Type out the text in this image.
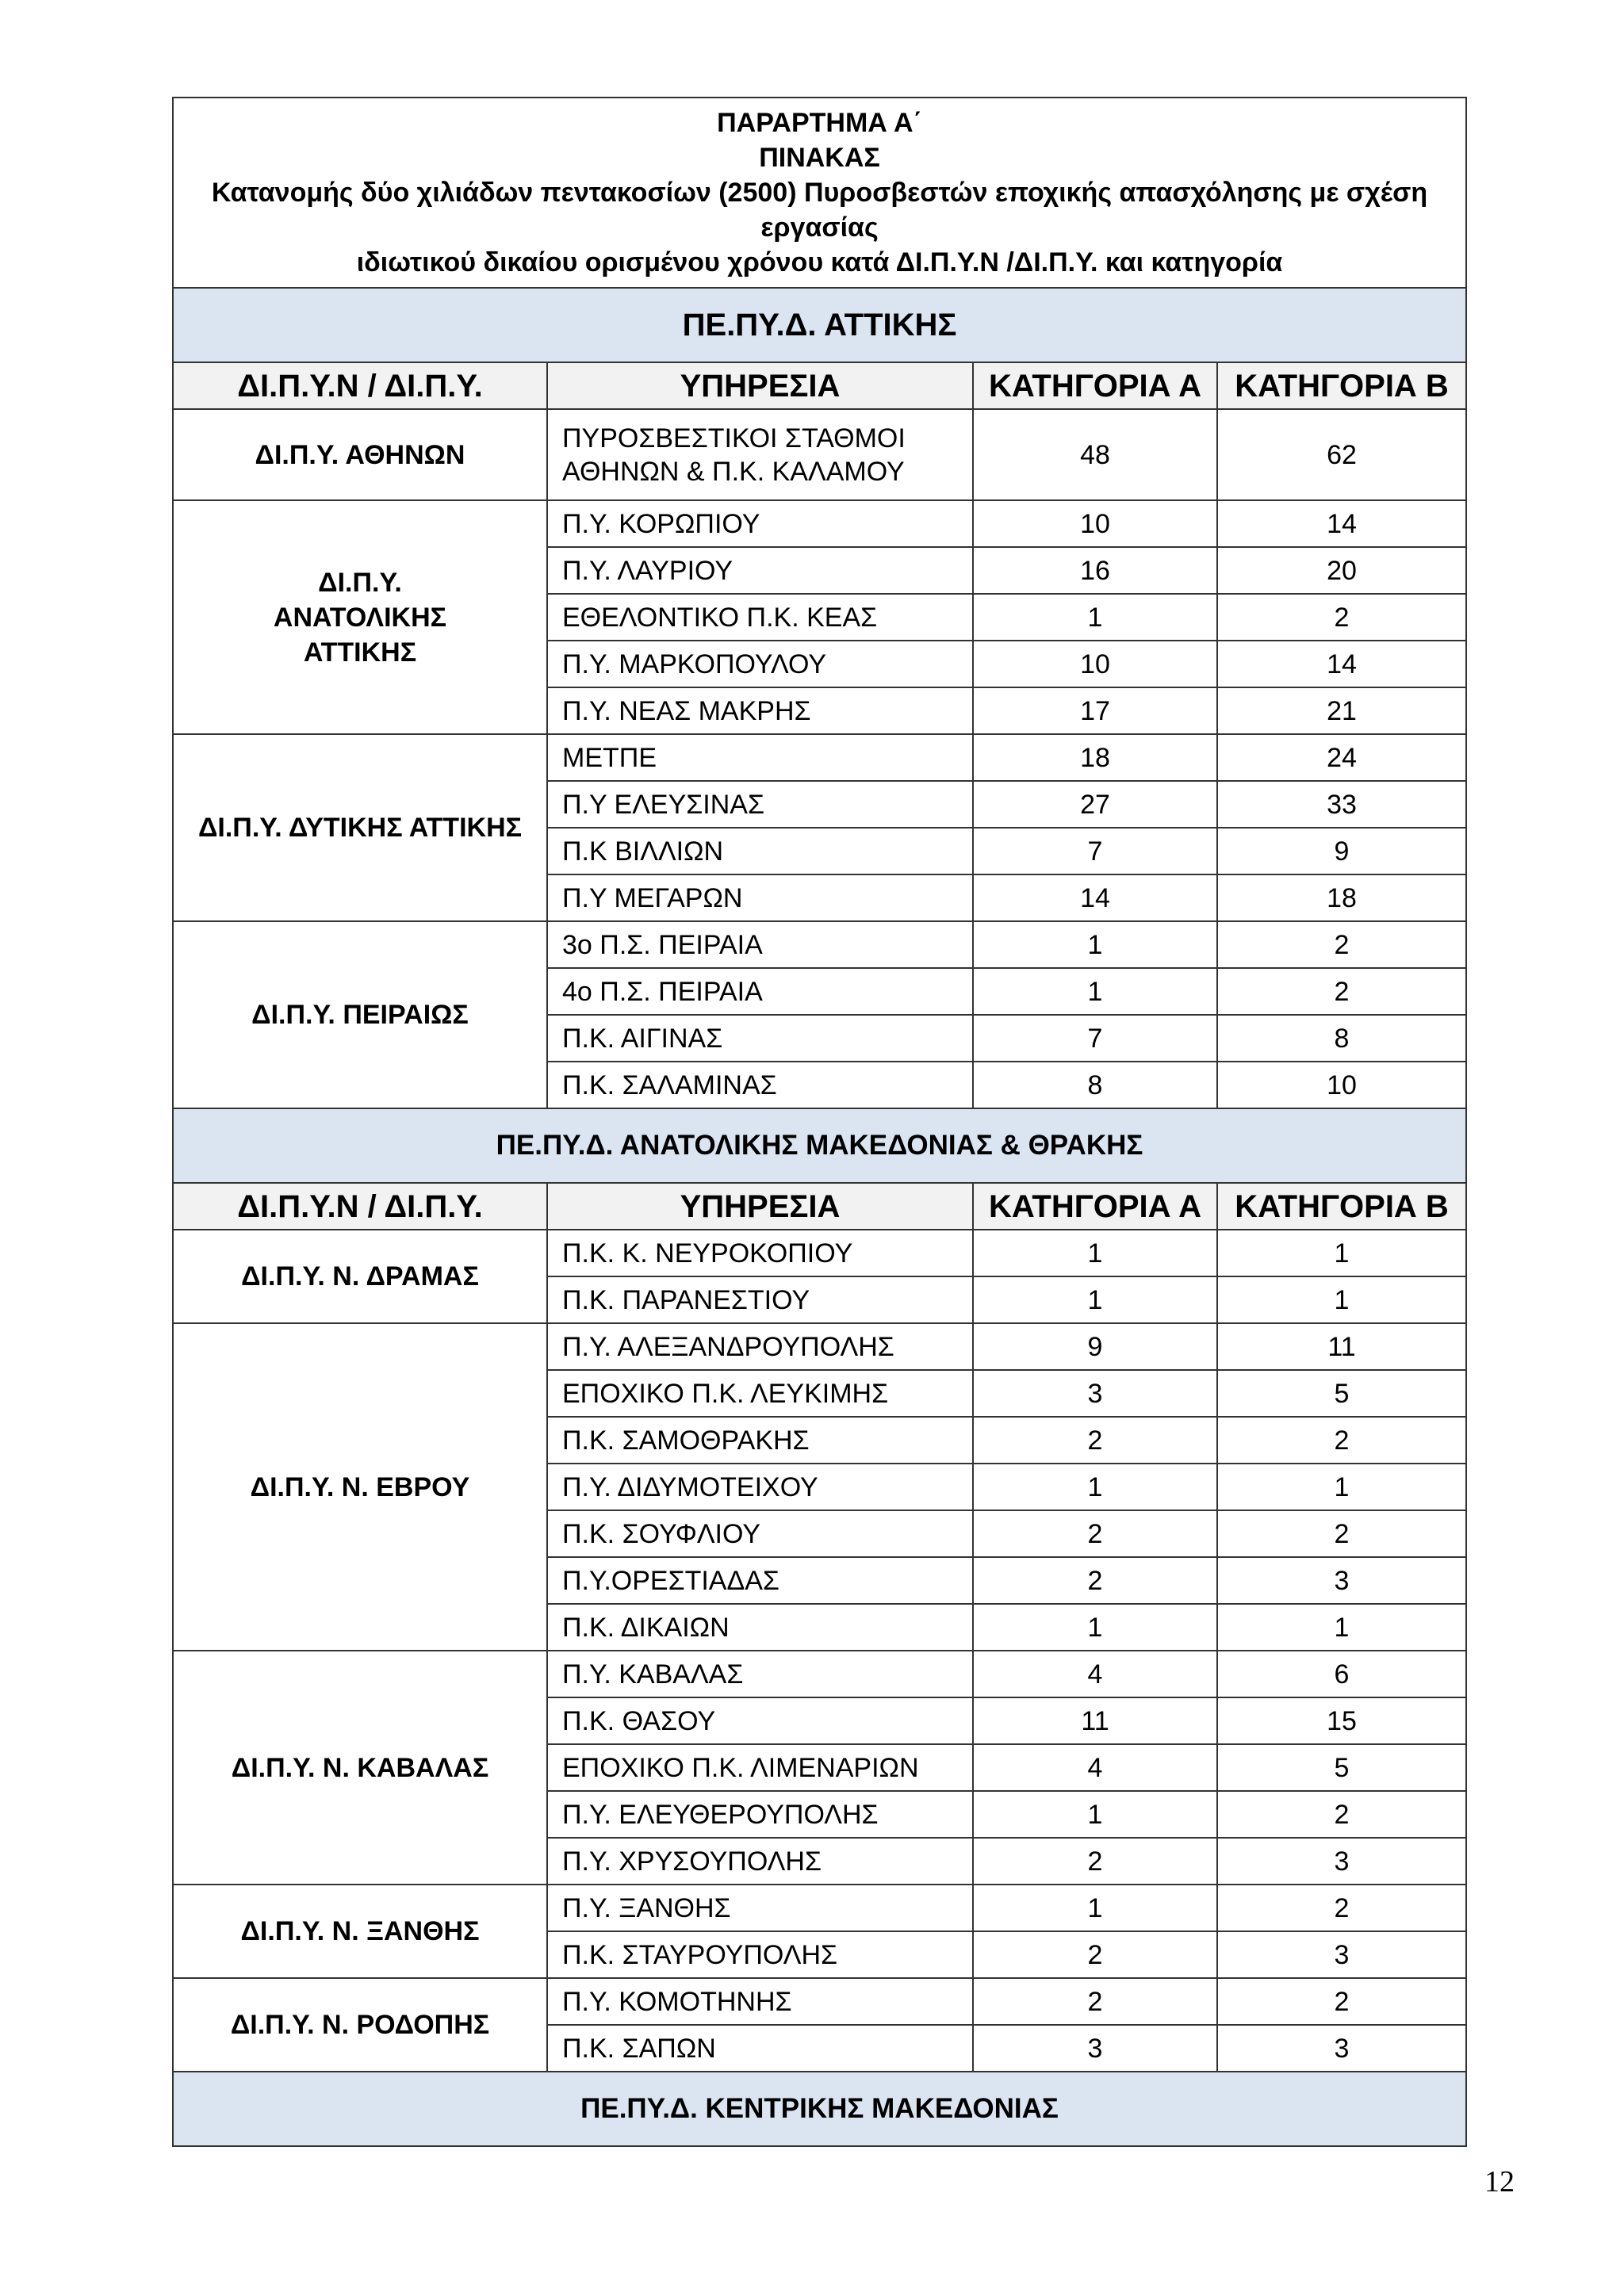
ΠΑΡΑΡΤΗΜΑ Α΄
ΠΙΝΑΚΑΣ
Κατανομής δύο χιλιάδων πεντακοσίων (2500) Πυροσβεστών εποχικής απασχόλησης με σχέση εργασίας
ιδιωτικού δικαίου ορισμένου χρόνου κατά ΔΙ.Π.Υ.Ν /ΔΙ.Π.Υ. και κατηγορία			

ΠΕ.ΠΥ.Δ. ΑΤΤΙΚΗΣ			
ΔΙ.Π.Υ.Ν / ΔΙ.Π.Υ.	ΥΠΗΡΕΣΙΑ	ΚΑΤΗΓΟΡΙΑ Α	ΚΑΤΗΓΟΡΙΑ Β
ΔΙ.Π.Υ. ΑΘΗΝΩΝ	ΠΥΡΟΣΒΕΣΤΙΚΟΙ ΣΤΑΘΜΟΙ ΑΘΗΝΩΝ & Π.Κ. ΚΑΛΑΜΟΥ	48	62
ΔΙ.Π.Υ. ΑΝΑΤΟΛΙΚΗΣ ΑΤΤΙΚΗΣ	Π.Υ. ΚΟΡΩΠΙΟΥ	10	14
	Π.Υ. ΛΑΥΡΙΟΥ	16	20
	ΕΘΕΛΟΝΤΙΚΟ Π.Κ. ΚΕΑΣ	1	2
	Π.Υ. ΜΑΡΚΟΠΟΥΛΟΥ	10	14
	Π.Υ. ΝΕΑΣ ΜΑΚΡΗΣ	17	21
ΔΙ.Π.Υ. ΔΥΤΙΚΗΣ ΑΤΤΙΚΗΣ	ΜΕΤΠΕ	18	24
	Π.Υ ΕΛΕΥΣΙΝΑΣ	27	33
	Π.Κ ΒΙΛΛΙΩΝ	7	9
	Π.Υ ΜΕΓΑΡΩΝ	14	18
ΔΙ.Π.Υ. ΠΕΙΡΑΙΩΣ	3ο Π.Σ. ΠΕΙΡΑΙΑ	1	2
	4ο Π.Σ. ΠΕΙΡΑΙΑ	1	2
	Π.Κ. ΑΙΓΙΝΑΣ	7	8
	Π.Κ. ΣΑΛΑΜΙΝΑΣ	8	10
ΠΕ.ΠΥ.Δ. ΑΝΑΤΟΛΙΚΗΣ ΜΑΚΕΔΟΝΙΑΣ & ΘΡΑΚΗΣ			
ΔΙ.Π.Υ.Ν / ΔΙ.Π.Υ.	ΥΠΗΡΕΣΙΑ	ΚΑΤΗΓΟΡΙΑ Α	ΚΑΤΗΓΟΡΙΑ Β
ΔΙ.Π.Υ. Ν. ΔΡΑΜΑΣ	Π.Κ. Κ. ΝΕΥΡΟΚΟΠΙΟΥ	1	1
	Π.Κ. ΠΑΡΑΝΕΣΤΙΟΥ	1	1
ΔΙ.Π.Υ. Ν. ΕΒΡΟΥ	Π.Υ. ΑΛΕΞΑΝΔΡΟΥΠΟΛΗΣ	9	11
	ΕΠΟΧΙΚΟ Π.Κ. ΛΕΥΚΙΜΗΣ	3	5
	Π.Κ. ΣΑΜΟΘΡΑΚΗΣ	2	2
	Π.Υ. ΔΙΔΥΜΟΤΕΙΧΟΥ	1	1
	Π.Κ. ΣΟΥΦΛΙΟΥ	2	2
	Π.Υ.ΟΡΕΣΤΙΑΔΑΣ	2	3
	Π.Κ. ΔΙΚΑΙΩΝ	1	1
ΔΙ.Π.Υ. Ν. ΚΑΒΑΛΑΣ	Π.Υ. ΚΑΒΑΛΑΣ	4	6
	Π.Κ. ΘΑΣΟΥ	11	15
	ΕΠΟΧΙΚΟ Π.Κ. ΛΙΜΕΝΑΡΙΩΝ	4	5
	Π.Υ. ΕΛΕΥΘΕΡΟΥΠΟΛΗΣ	1	2
	Π.Υ. ΧΡΥΣΟΥΠΟΛΗΣ	2	3
ΔΙ.Π.Υ. Ν. ΞΑΝΘΗΣ	Π.Υ. ΞΑΝΘΗΣ	1	2
	Π.Κ. ΣΤΑΥΡΟΥΠΟΛΗΣ	2	3
ΔΙ.Π.Υ. Ν. ΡΟΔΟΠΗΣ	Π.Υ. ΚΟΜΟΤΗΝΗΣ	2	2
	Π.Κ. ΣΑΠΩΝ	3	3
ΠΕ.ΠΥ.Δ. ΚΕΝΤΡΙΚΗΣ ΜΑΚΕΔΟΝΙΑΣ			
12
